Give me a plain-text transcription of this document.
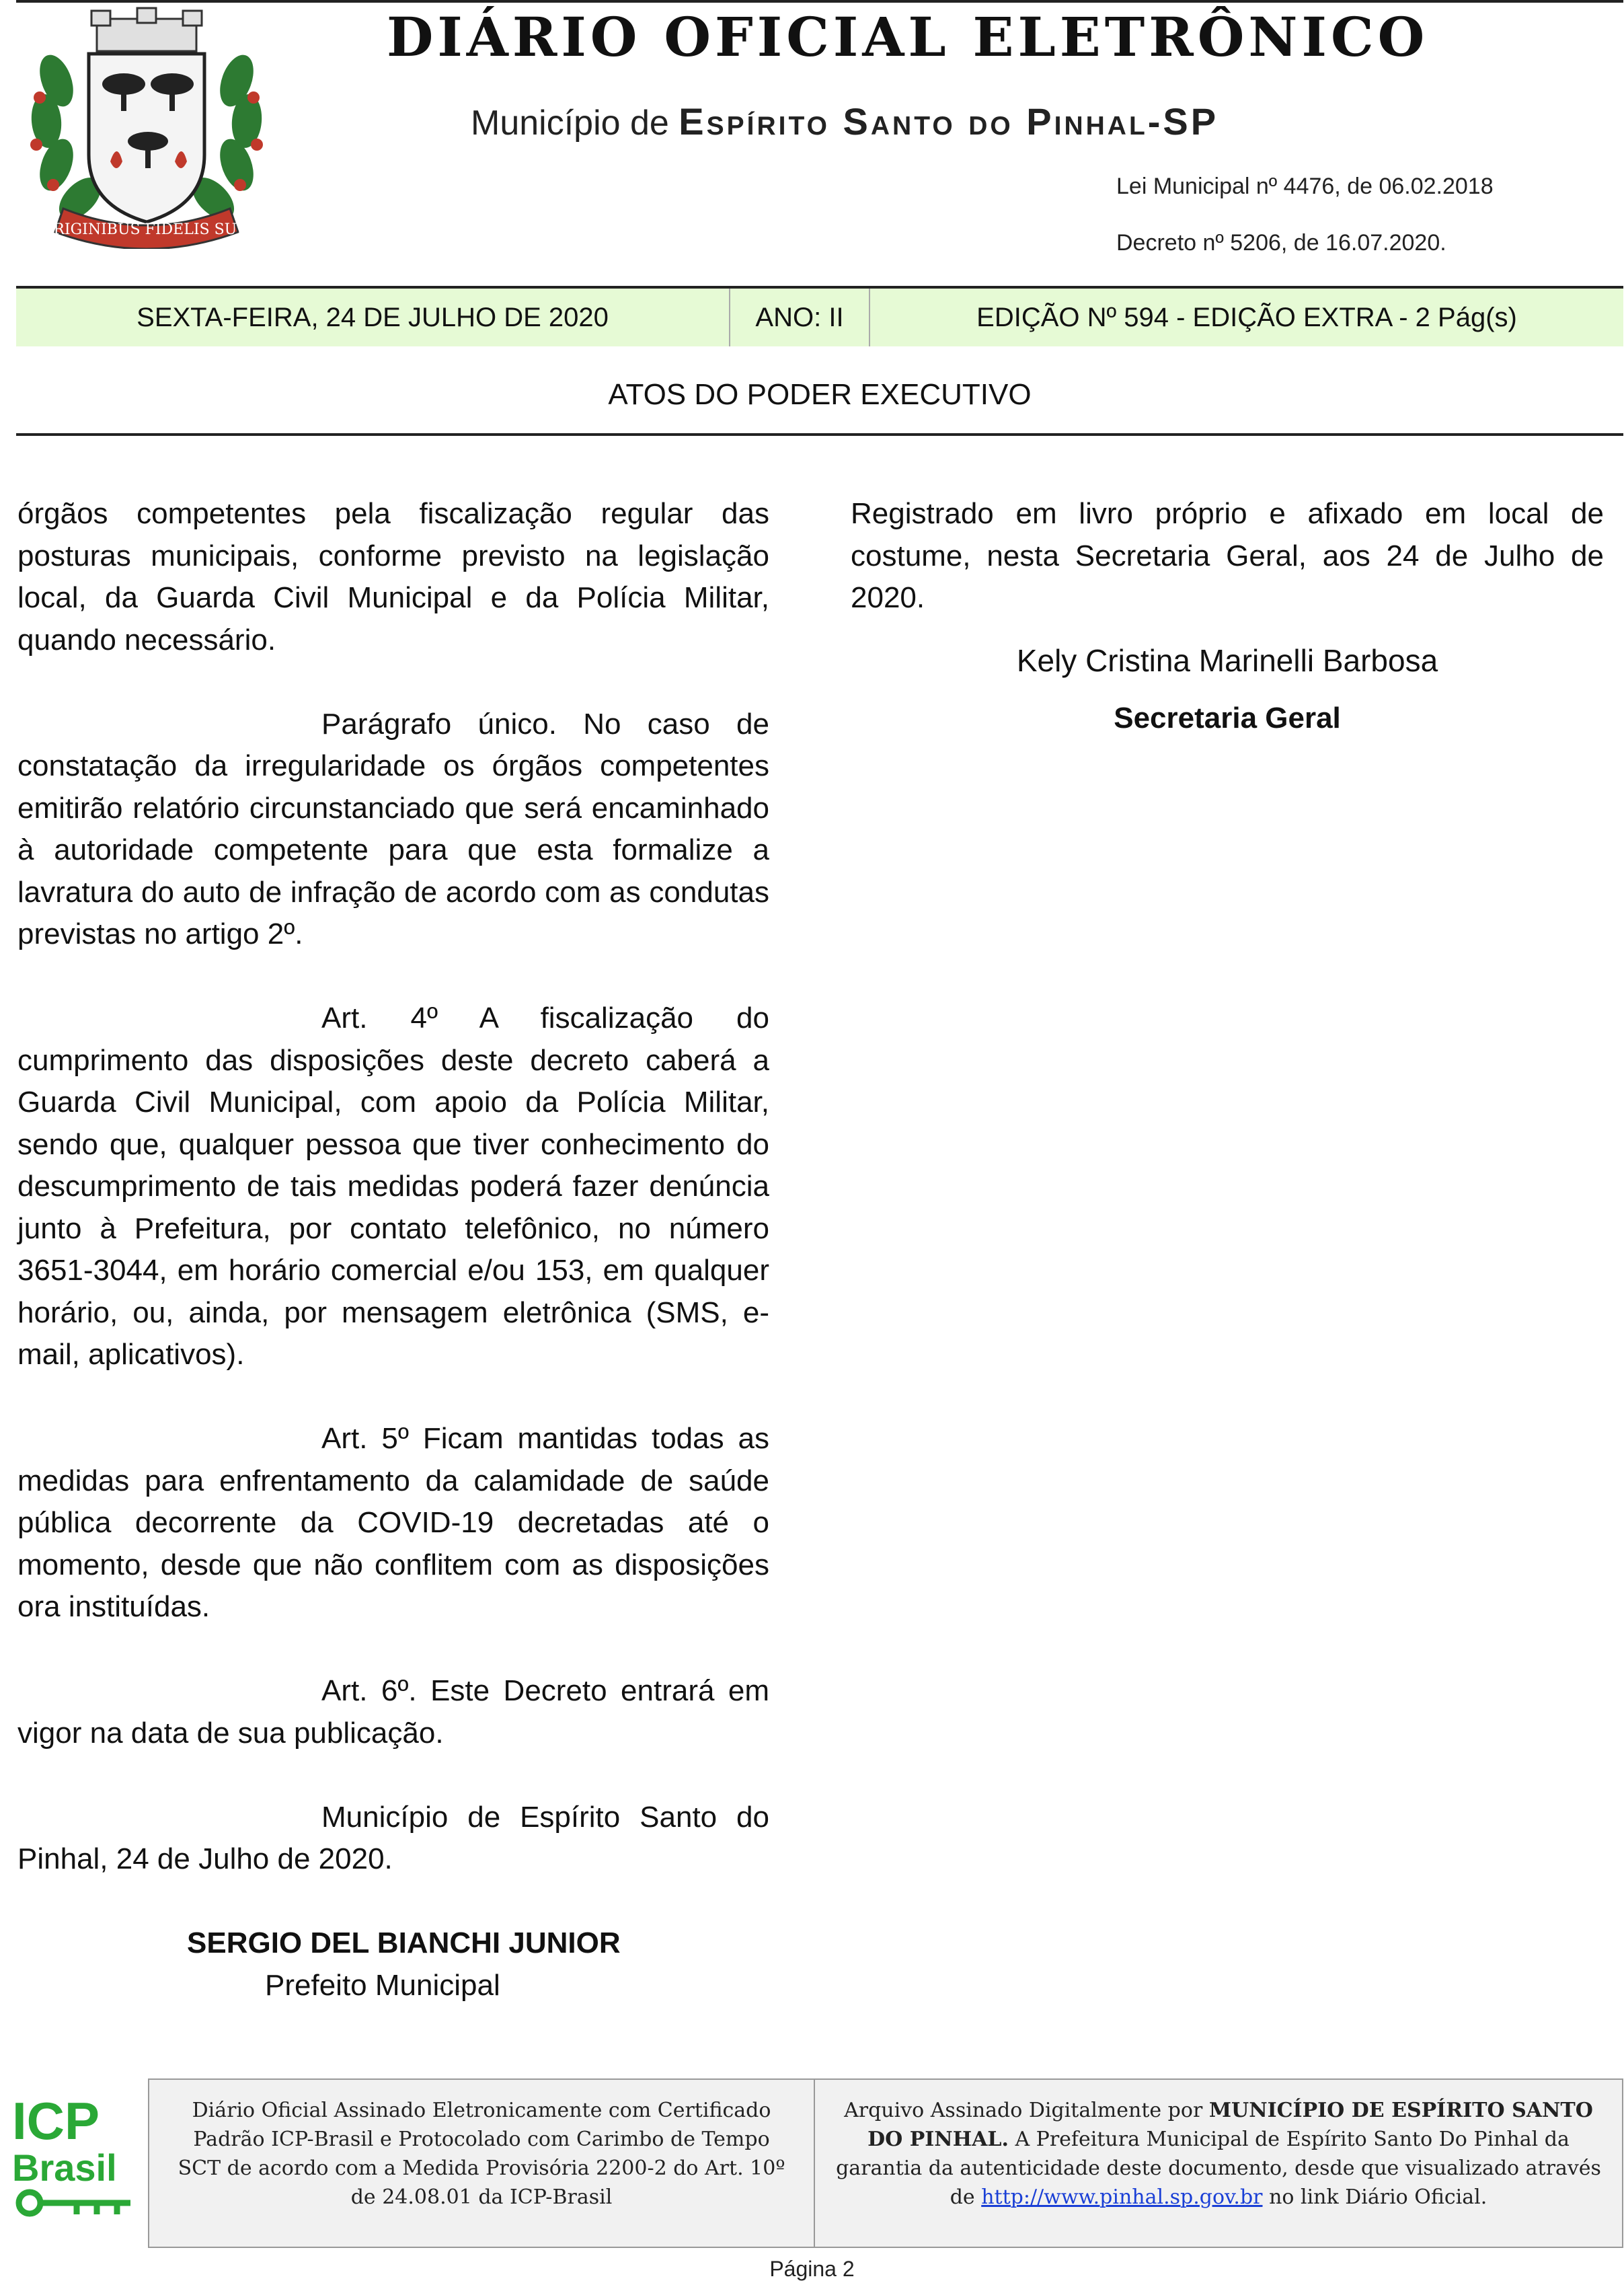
ORIGINIBUS FIDELIS SUM
DIÁRIO OFICIAL ELETRÔNICO
Município de Espírito Santo do Pinhal-SP
Lei Municipal nº 4476, de 06.02.2018
Decreto nº 5206, de 16.07.2020.
SEXTA-FEIRA, 24 DE JULHO DE 2020	ANO: II	EDIÇÃO Nº 594 - EDIÇÃO EXTRA - 2 Pág(s)
ATOS DO PODER EXECUTIVO

órgãos competentes pela fiscalização regular das posturas municipais, conforme previsto na legislação local, da Guarda Civil Municipal e da Polícia Militar, quando necessário.

Parágrafo único. No caso de constatação da irregularidade os órgãos competentes emitirão relatório circunstanciado que será encaminhado à autoridade competente para que esta formalize a lavratura do auto de infração de acordo com as condutas previstas no artigo 2º.

Art. 4º A fiscalização do cumprimento das disposições deste decreto caberá a Guarda Civil Municipal, com apoio da Polícia Militar, sendo que, qualquer pessoa que tiver conhecimento do descumprimento de tais medidas poderá fazer denúncia junto à Prefeitura, por contato telefônico, no número 3651-3044, em horário comercial e/ou 153, em qualquer horário, ou, ainda, por mensagem eletrônica (SMS, e-mail, aplicativos).

Art. 5º Ficam mantidas todas as medidas para enfrentamento da calamidade de saúde pública decorrente da COVID-19 decretadas até o momento, desde que não conflitem com as disposições ora instituídas.

Art. 6º. Este Decreto entrará em vigor na data de sua publicação.

Município de Espírito Santo do Pinhal, 24 de Julho de 2020.

SERGIO DEL BIANCHI JUNIOR
Prefeito Municipal

Registrado em livro próprio e afixado em local de costume, nesta Secretaria Geral, aos 24 de Julho de 2020.

Kely Cristina Marinelli Barbosa
Secretaria Geral
ICP
Brasil
Diário Oficial Assinado Eletronicamente com Certificado Padrão ICP-Brasil e Protocolado com Carimbo de Tempo SCT de acordo com a Medida Provisória 2200-2 do Art. 10º de 24.08.01 da ICP-Brasil
Arquivo Assinado Digitalmente por MUNICÍPIO DE ESPÍRITO SANTO DO PINHAL. A Prefeitura Municipal de Espírito Santo Do Pinhal da garantia da autenticidade deste documento, desde que visualizado através de http://www.pinhal.sp.gov.br no link Diário Oficial.
Página 2
